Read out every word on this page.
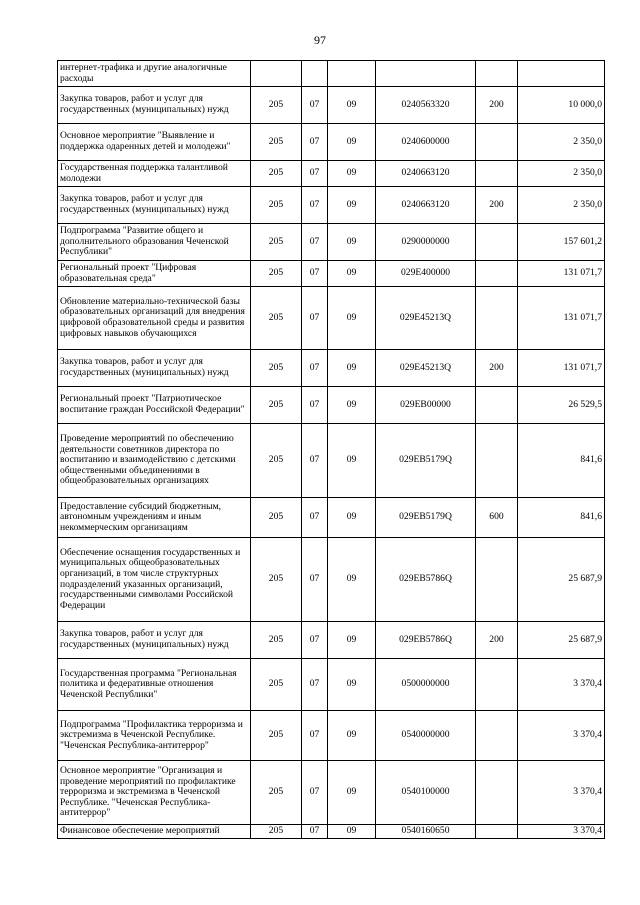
97
интернет-трафика и другие аналогичные расходы						
Закупка товаров, работ и услуг для государственных (муниципальных) нужд	205	07	09	0240563320	200	10 000,0
Основное мероприятие "Выявление и поддержка одаренных детей и молодежи"	205	07	09	0240600000		2 350,0
Государственная поддержка талантливой молодежи	205	07	09	0240663120		2 350,0
Закупка товаров, работ и услуг для государственных (муниципальных) нужд	205	07	09	0240663120	200	2 350,0
Подпрограмма "Развитие общего и дополнительного образования Чеченской Республики"	205	07	09	0290000000		157 601,2
Региональный проект "Цифровая образовательная среда"	205	07	09	029E400000		131 071,7
Обновление материально-технической базы образовательных организаций для внедрения цифровой образовательной среды и развития цифровых навыков обучающихся	205	07	09	029E45213Q		131 071,7
Закупка товаров, работ и услуг для государственных (муниципальных) нужд	205	07	09	029E45213Q	200	131 071,7
Региональный проект "Патриотическое воспитание граждан Российской Федерации"	205	07	09	029EB00000		26 529,5
Проведение мероприятий по обеспечению деятельности советников директора по воспитанию и взаимодействию с детскими общественными объединениями в общеобразовательных организациях	205	07	09	029EB5179Q		841,6
Предоставление субсидий бюджетным, автономным учреждениям и иным некоммерческим организациям	205	07	09	029EB5179Q	600	841,6
Обеспечение оснащения государственных и муниципальных общеобразовательных организаций, в том числе структурных подразделений указанных организаций, государственными символами Российской Федерации	205	07	09	029EB5786Q		25 687,9
Закупка товаров, работ и услуг для государственных (муниципальных) нужд	205	07	09	029EB5786Q	200	25 687,9
Государственная программа "Региональная политика и федеративные отношения Чеченской Республики"	205	07	09	0500000000		3 370,4
Подпрограмма "Профилактика терроризма и экстремизма в Чеченской Республике. "Чеченская Республика-антитеррор"	205	07	09	0540000000		3 370,4
Основное мероприятие "Организация и проведение мероприятий по профилактике терроризма и экстремизма в Чеченской Республике. "Чеченская Республика-антитеррор"	205	07	09	0540100000		3 370,4
Финансовое обеспечение мероприятий	205	07	09	0540160650		3 370,4
